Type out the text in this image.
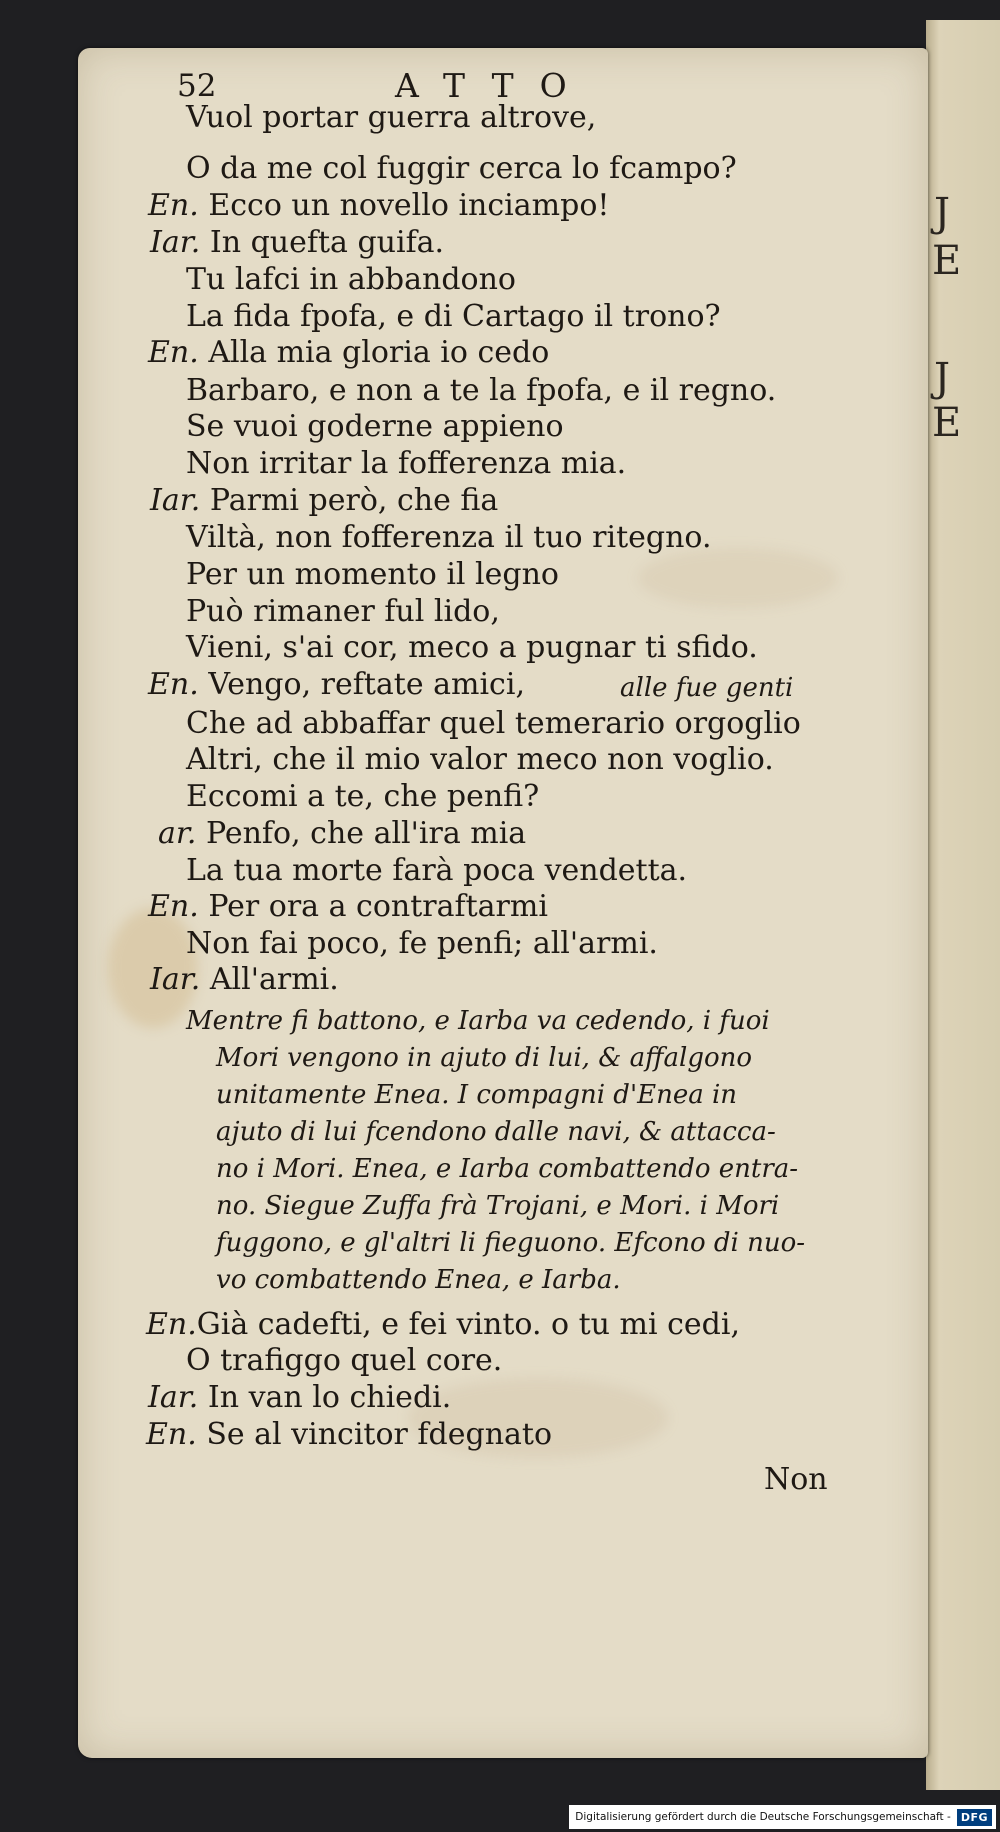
J
E
J
E
52	ATTO
Vuol portar guerra altrove,
O da me col fuggir cerca lo fcampo?
En. Ecco un novello inciampo!
Iar. In quefta guifa.
Tu lafci in abbandono
La fida fpofa, e di Cartago il trono?
En. Alla mia gloria io cedo
Barbaro, e non a te la fpofa, e il regno.
Se vuoi goderne appieno
Non irritar la fofferenza mia.
Iar. Parmi però, che fia
Viltà, non fofferenza il tuo ritegno.
Per un momento il legno
Può rimaner ful lido,
Vieni, s'ai cor, meco a pugnar ti sfido.
En. Vengo, reftate amici,	alle fue genti
Che ad abbaffar quel temerario orgoglio
Altri, che il mio valor meco non voglio.
Eccomi a te, che penfi?
ar. Penfo, che all'ira mia
La tua morte farà poca vendetta.
En. Per ora a contraftarmi
Non fai poco, fe penfi; all'armi.
Iar. All'armi.
Mentre fi battono, e Iarba va cedendo, i fuoi
Mori vengono in ajuto di lui, & affalgono
unitamente Enea. I compagni d'Enea in
ajuto di lui fcendono dalle navi, & attacca-
no i Mori. Enea, e Iarba combattendo entra-
no. Siegue Zuffa frà Trojani, e Mori. i Mori
fuggono, e gl'altri li fieguono. Efcono di nuo-
vo combattendo Enea, e Iarba.
En.Già cadefti, e fei vinto. o tu mi cedi,
O trafiggo quel core.
Iar. In van lo chiedi.
En. Se al vincitor fdegnato
Non
Digitalisierung gefördert durch die Deutsche Forschungsgemeinschaft - DFG
